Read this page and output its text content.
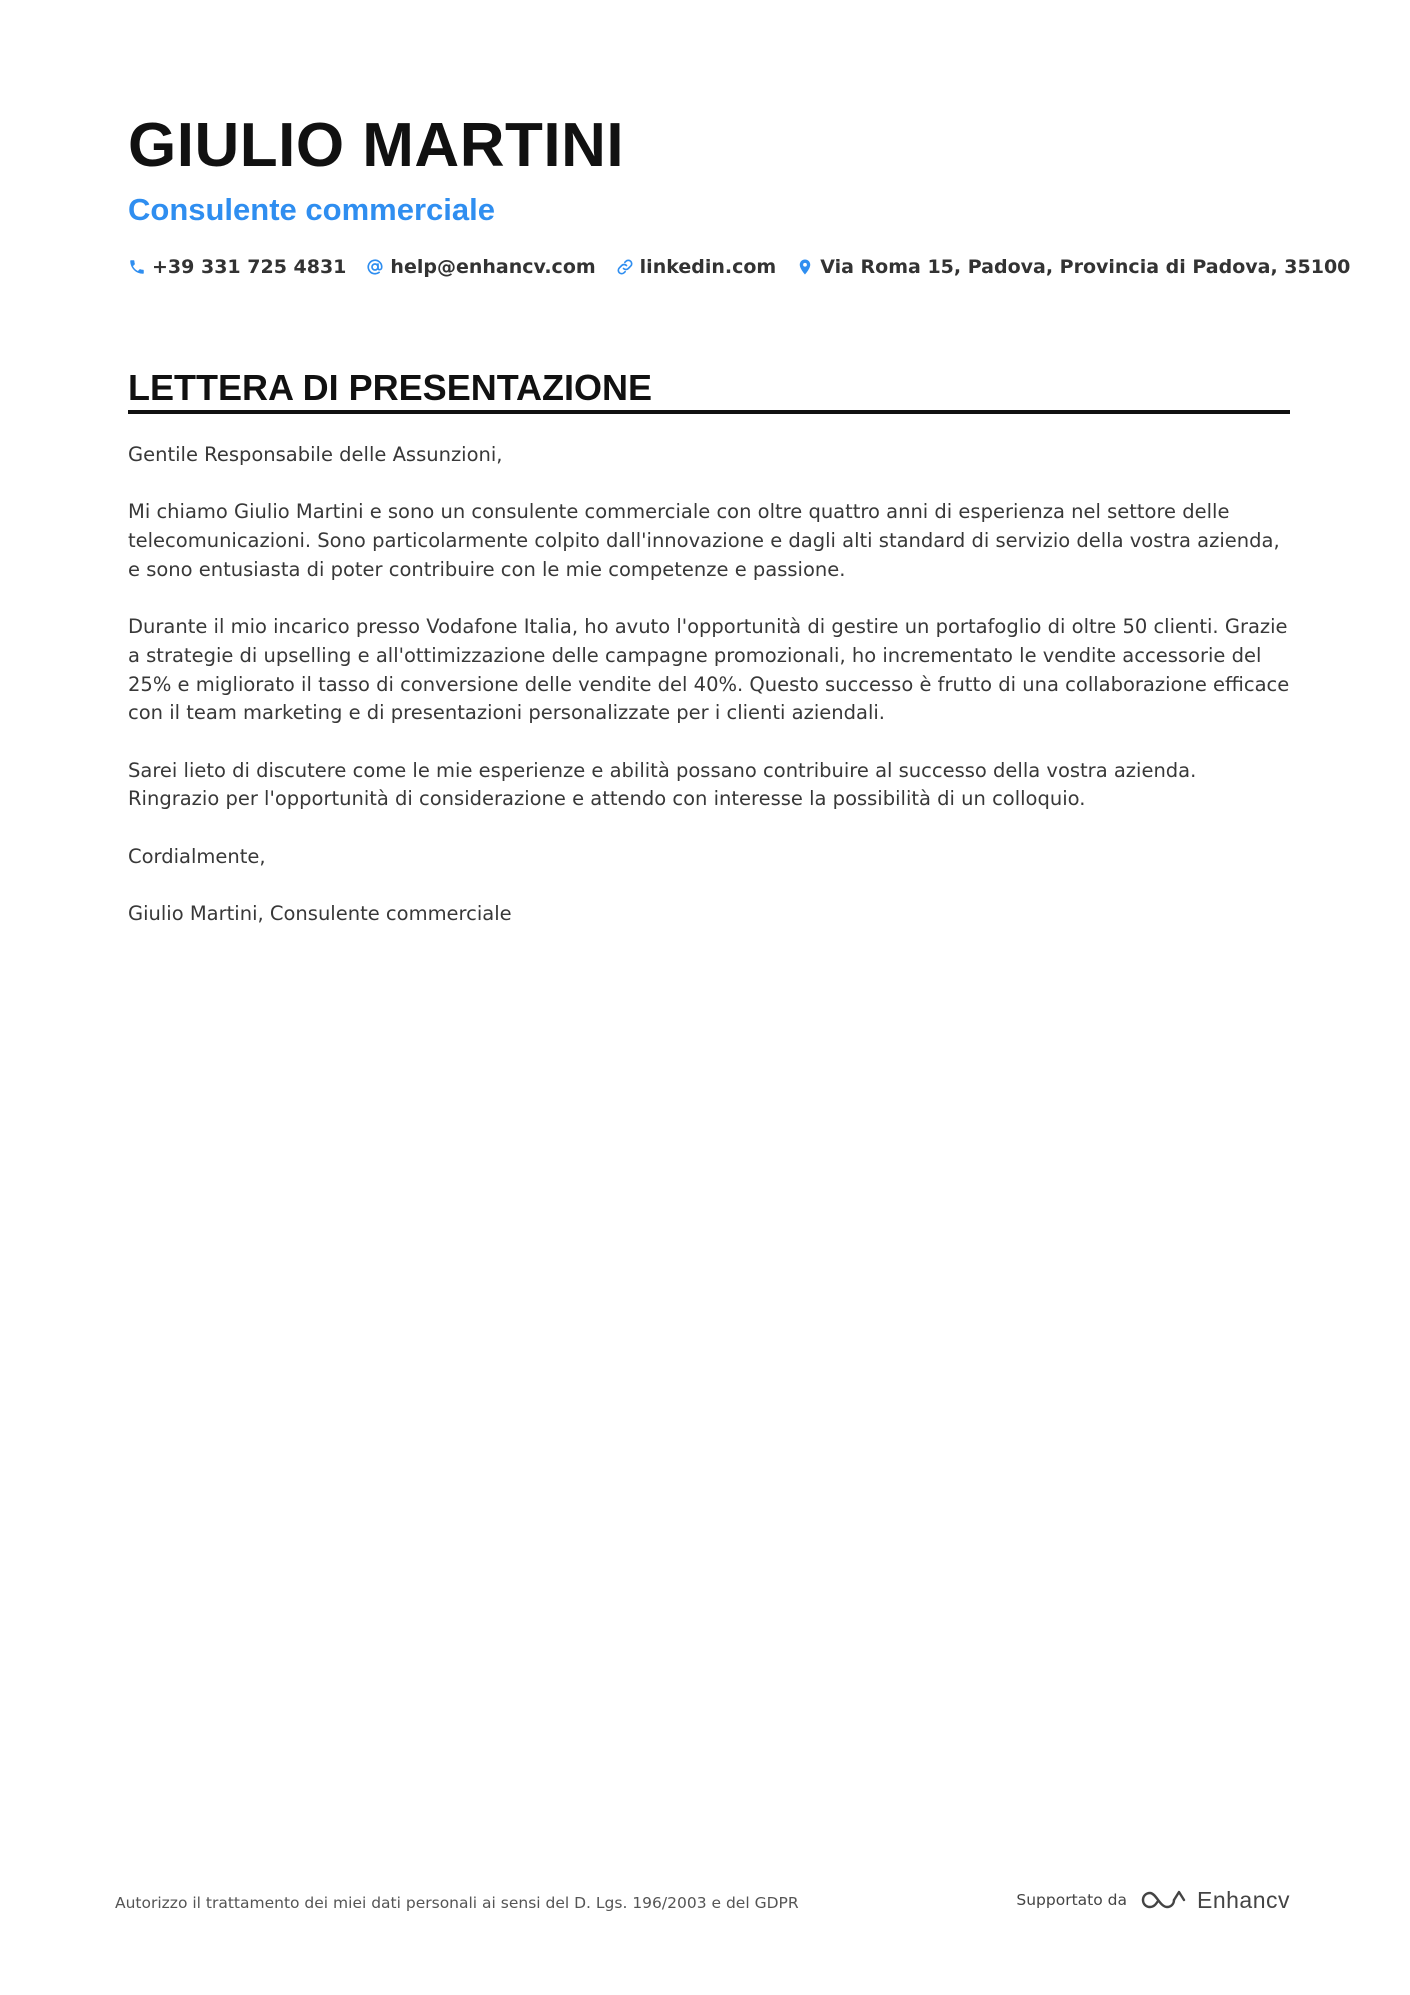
GIULIO MARTINI
Consulente commerciale
+39 331 725 4831 help@enhancv.com linkedin.com Via Roma 15, Padova, Provincia di Padova, 35100
LETTERA DI PRESENTAZIONE

Gentile Responsabile delle Assunzioni,

Mi chiamo Giulio Martini e sono un consulente commerciale con oltre quattro anni di esperienza nel settore delle telecomunicazioni. Sono particolarmente colpito dall'innovazione e dagli alti standard di servizio della vostra azienda, e sono entusiasta di poter contribuire con le mie competenze e passione.

Durante il mio incarico presso Vodafone Italia, ho avuto l'opportunità di gestire un portafoglio di oltre 50 clienti. Grazie a strategie di upselling e all'ottimizzazione delle campagne promozionali, ho incrementato le vendite accessorie del 25% e migliorato il tasso di conversione delle vendite del 40%. Questo successo è frutto di una collaborazione efficace con il team marketing e di presentazioni personalizzate per i clienti aziendali.

Sarei lieto di discutere come le mie esperienze e abilità possano contribuire al successo della vostra azienda. Ringrazio per l'opportunità di considerazione e attendo con interesse la possibilità di un colloquio.

Cordialmente,

Giulio Martini, Consulente commerciale

Autorizzo il trattamento dei miei dati personali ai sensi del D. Lgs. 196/2003 e del GDPR	Supportato da	Enhancv
